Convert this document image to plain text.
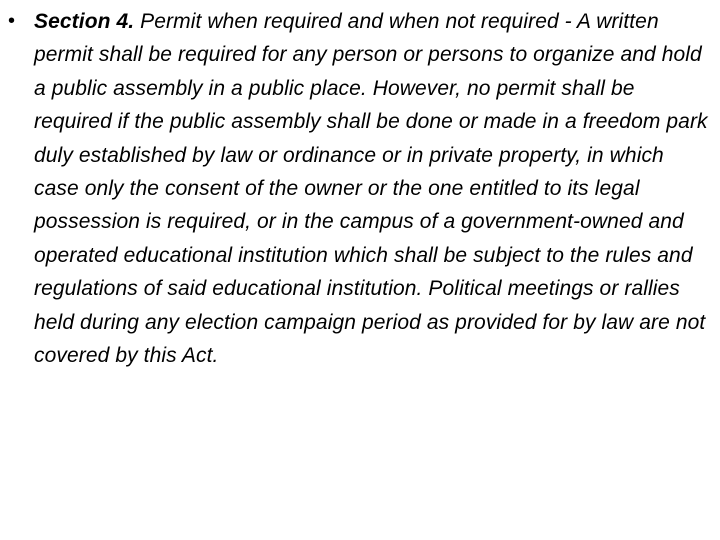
• Section 4. Permit when required and when not required - A written permit shall be required for any person or persons to organize and hold a public assembly in a public place. However, no permit shall be required if the public assembly shall be done or made in a freedom park duly established by law or ordinance or in private property, in which case only the consent of the owner or the one entitled to its legal possession is required, or in the campus of a government-owned and operated educational institution which shall be subject to the rules and regulations of said educational institution. Political meetings or rallies held during any election campaign period as provided for by law are not covered by this Act.
